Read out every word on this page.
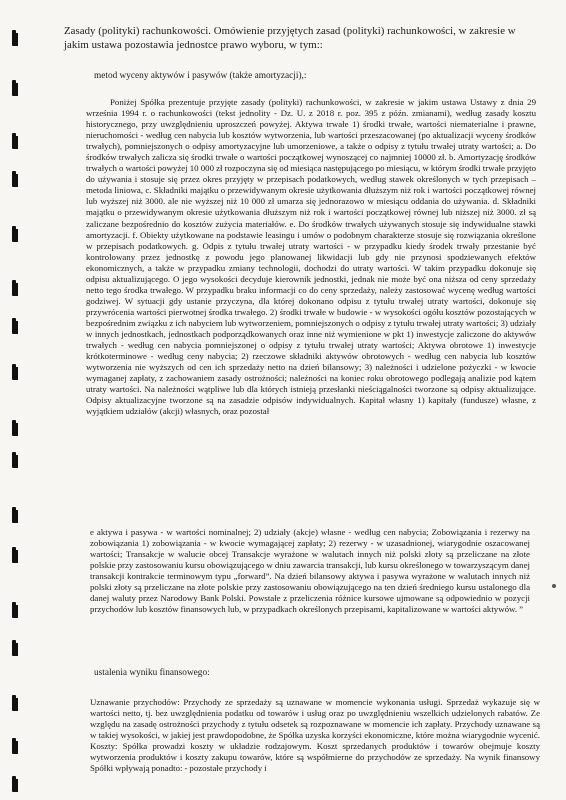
Zasady (polityki) rachunkowości. Omówienie przyjętych zasad (polityki) rachunkowości, w zakresie w jakim ustawa pozostawia jednostce prawo wyboru, w tym::
metod wyceny aktywów i pasywów (także amortyzacji),:
Poniżej Spółka prezentuje przyjęte zasady (polityki) rachunkowości, w zakresie w jakim ustawa Ustawy z dnia 29 września 1994 r. o rachunkowości (tekst jednolity - Dz. U. z 2018 r. poz. 395 z późn. zmianami), według zasady kosztu historycznego, przy uwzględnieniu uproszczeń powyżej. Aktywa trwałe 1) środki trwałe, wartości niematerialne i prawne, nieruchomości - według cen nabycia lub kosztów wytworzenia, lub wartości przeszacowanej (po aktualizacji wyceny środków trwałych), pomniejszonych o odpisy amortyzacyjne lub umorzeniowe, a także o odpisy z tytułu trwałej utraty wartości; a. Do środków trwałych zalicza się środki trwałe o wartości początkowej wynoszącej co najmniej 10000 zł. b. Amortyzację środków trwałych o wartości powyżej 10 000 zł rozpoczyna się od miesiąca następującego po miesiącu, w którym środki trwałe przyjęto do używania i stosuje się przez okres przyjęty w przepisach podatkowych, według stawek określonych w tych przepisach – metoda liniowa, c. Składniki majątku o przewidywanym okresie użytkowania dłuższym niż rok i wartości początkowej równej lub wyższej niż 3000. ale nie wyższej niż 10 000 zł umarza się jednorazowo w miesiącu oddania do używania. d. Składniki majątku o przewidywanym okresie użytkowania dłuższym niż rok i wartości początkowej równej lub niższej niż 3000. zł są zaliczane bezpośrednio do kosztów zużycia materiałów. e. Do środków trwałych używanych stosuje się indywidualne stawki amortyzacji. f. Obiekty użytkowane na podstawie leasingu i umów o podobnym charakterze stosuje się rozwiązania określone w przepisach podatkowych. g. Odpis z tytułu trwałej utraty wartości - w przypadku kiedy środek trwały przestanie być kontrolowany przez jednostkę z powodu jego planowanej likwidacji lub gdy nie przynosi spodziewanych efektów ekonomicznych, a także w przypadku zmiany technologii, dochodzi do utraty wartości. W takim przypadku dokonuje się odpisu aktualizującego. O jego wysokości decyduje kierownik jednostki, jednak nie może być ona niższa od ceny sprzedaży netto tego środka trwałego. W przypadku braku informacji co do ceny sprzedaży, należy zastosować wycenę według wartości godziwej. W sytuacji gdy ustanie przyczyna, dla której dokonano odpisu z tytułu trwałej utraty wartości, dokonuje się przywrócenia wartości pierwotnej środka trwałego. 2) środki trwałe w budowie - w wysokości ogółu kosztów pozostających w bezpośrednim związku z ich nabyciem lub wytworzeniem, pomniejszonych o odpisy z tytułu trwałej utraty wartości; 3) udziały w innych jednostkach, jednostkach podporządkowanych oraz inne niż wymienione w pkt 1) inwestycje zaliczone do aktywów trwałych - według cen nabycia pomniejszonej o odpisy z tytułu trwałej utraty wartości; Aktywa obrotowe 1) inwestycje krótkoterminowe - według ceny nabycia; 2) rzeczowe składniki aktywów obrotowych - według cen nabycia lub kosztów wytworzenia nie wyższych od cen ich sprzedaży netto na dzień bilansowy; 3) należności i udzielone pożyczki - w kwocie wymaganej zapłaty, z zachowaniem zasady ostrożności; należności na koniec roku obrotowego podlegają analizie pod kątem utraty wartości. Na należności wątpliwe lub dla których istnieją przesłanki nieściągalności tworzone są odpisy aktualizujące. Odpisy aktualizacyjne tworzone są na zasadzie odpisów indywidualnych. Kapitał własny 1) kapitały (fundusze) własne, z wyjątkiem udziałów (akcji) własnych, oraz pozostał
e aktywa i pasywa - w wartości nominalnej; 2) udziały (akcje) własne - według cen nabycia; Zobowiązania i rezerwy na zobowiązania 1) zobowiązania - w kwocie wymagającej zapłaty; 2) rezerwy - w uzasadnionej, wiarygodnie oszacowanej wartości; Transakcje w walucie obcej Transakcje wyrażone w walutach innych niż polski złoty są przeliczane na złote polskie przy zastosowaniu kursu obowiązującego w dniu zawarcia transakcji, lub kursu określonego w towarzyszącym danej transakcji kontrakcie terminowym typu „forward”. Na dzień bilansowy aktywa i pasywa wyrażone w walutach innych niż polski złoty są przeliczane na złote polskie przy zastosowaniu obowiązującego na ten dzień średniego kursu ustalonego dla danej waluty przez Narodowy Bank Polski. Powstałe z przeliczenia różnice kursowe ujmowane są odpowiednio w pozycji przychodów lub kosztów finansowych lub, w przypadkach określonych przepisami, kapitalizowane w wartości aktywów. ”
ustalenia wyniku finansowego:
Uznawanie przychodów: Przychody ze sprzedaży są uznawane w momencie wykonania usługi. Sprzedaż wykazuje się w wartości netto, tj. bez uwzględnienia podatku od towarów i usług oraz po uwzględnieniu wszelkich udzielonych rabatów. Ze względu na zasadę ostrożności przychody z tytułu odsetek są rozpoznawane w momencie ich zapłaty. Przychody uznawane są w takiej wysokości, w jakiej jest prawdopodobne, że Spółka uzyska korzyści ekonomiczne, które można wiarygodnie wycenić. Koszty: Spółka prowadzi koszty w układzie rodzajowym. Koszt sprzedanych produktów i towarów obejmuje koszty wytworzenia produktów i koszty zakupu towarów, które są współmierne do przychodów ze sprzedaży. Na wynik finansowy Spółki wpływają ponadto: - pozostałe przychody i
